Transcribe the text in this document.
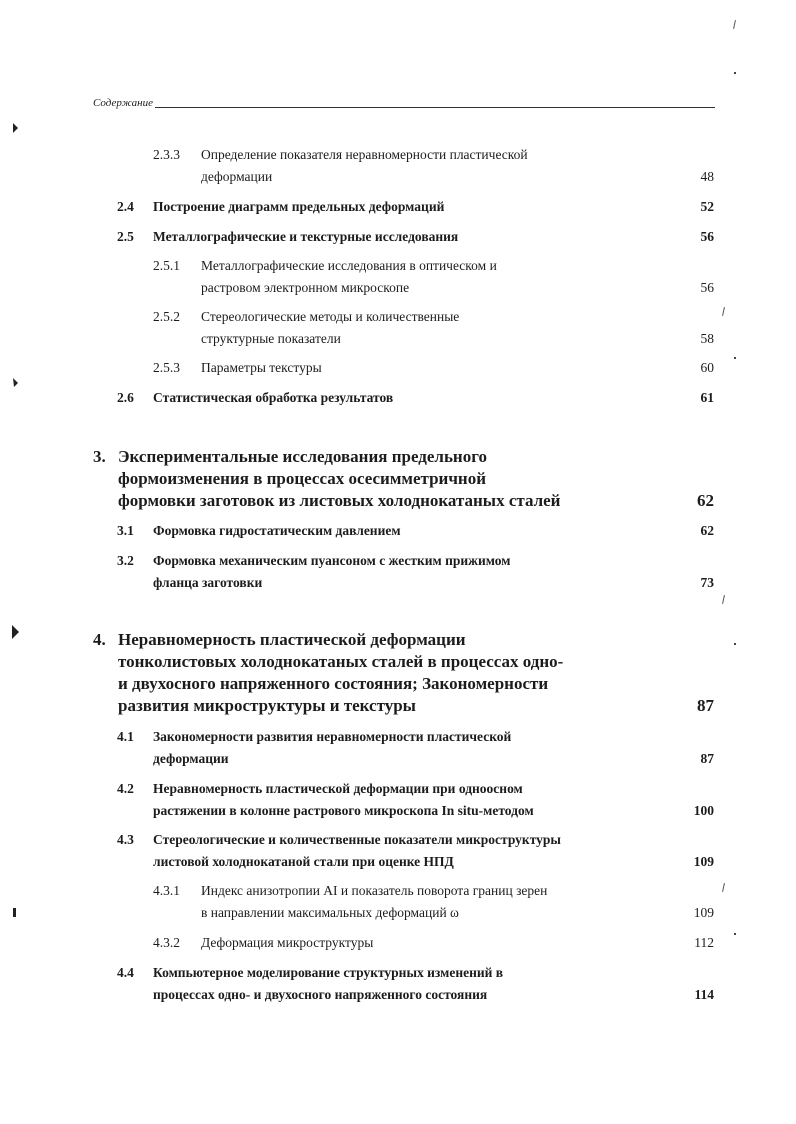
Содержание
2.3.3 Определение показателя неравномерности пластической
деформации	48
2.4 Построение диаграмм предельных деформаций	52
2.5 Металлографические и текстурные исследования	56
2.5.1 Металлографические исследования в оптическом и
растровом электронном микроскопе	56
2.5.2 Стереологические методы и количественные
структурные показатели	58
2.5.3 Параметры текстуры	60
2.6 Статистическая обработка результатов	61
3. Экспериментальные исследования предельного
формоизменения в процессах осесимметричной
формовки заготовок из листовых холоднокатаных сталей	62
3.1 Формовка гидростатическим давлением	62
3.2 Формовка механическим пуансоном с жестким прижимом
фланца заготовки	73
4. Неравномерность пластической деформации
тонколистовых холоднокатаных сталей в процессах одно-
и двухосного напряженного состояния; Закономерности
развития микроструктуры и текстуры	87
4.1 Закономерности развития неравномерности пластической
деформации	87
4.2 Неравномерность пластической деформации при одноосном
растяжении в колонне растрового микроскопа In situ-методом	100
4.3 Стереологические и количественные показатели микроструктуры
листовой холоднокатаной стали при оценке НПД	109
4.3.1 Индекс анизотропии AI и показатель поворота границ зерен
в направлении максимальных деформаций ω	109
4.3.2 Деформация микроструктуры	112
4.4 Компьютерное моделирование структурных изменений в
процессах одно- и двухосного напряженного состояния	114
